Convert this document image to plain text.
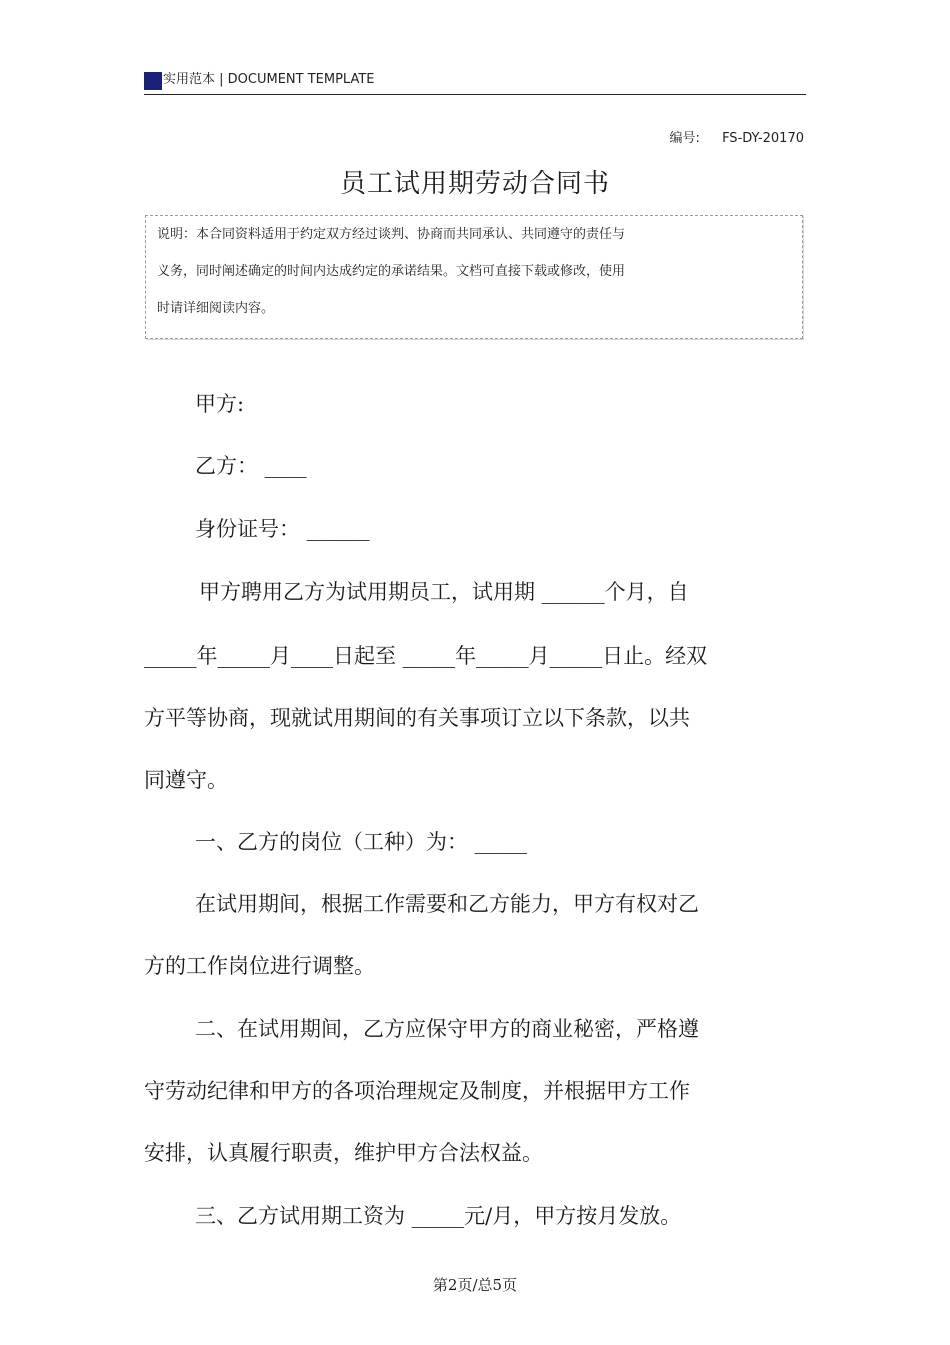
实用范本 | DOCUMENT TEMPLATE
编号: FS-DY-20170
员工试用期劳动合同书
说明：本合同资料适用于约定双方经过谈判、协商而共同承认、共同遵守的责任与
义务，同时阐述确定的时间内达成约定的承诺结果。文档可直接下载或修改，使用
时请详细阅读内容。
甲方:
乙方： ____
身份证号： ______
甲方聘用乙方为试用期员工，试用期 ______个月，自
_____年_____月____日起至 _____年_____月_____日止。经双
方平等协商，现就试用期间的有关事项订立以下条款，以共
同遵守。
一、乙方的岗位（工种）为： _____
在试用期间，根据工作需要和乙方能力，甲方有权对乙
方的工作岗位进行调整。
二、在试用期间，乙方应保守甲方的商业秘密，严格遵
守劳动纪律和甲方的各项治理规定及制度，并根据甲方工作
安排，认真履行职责，维护甲方合法权益。
三、乙方试用期工资为 _____元/月，甲方按月发放。
第2页/总5页
